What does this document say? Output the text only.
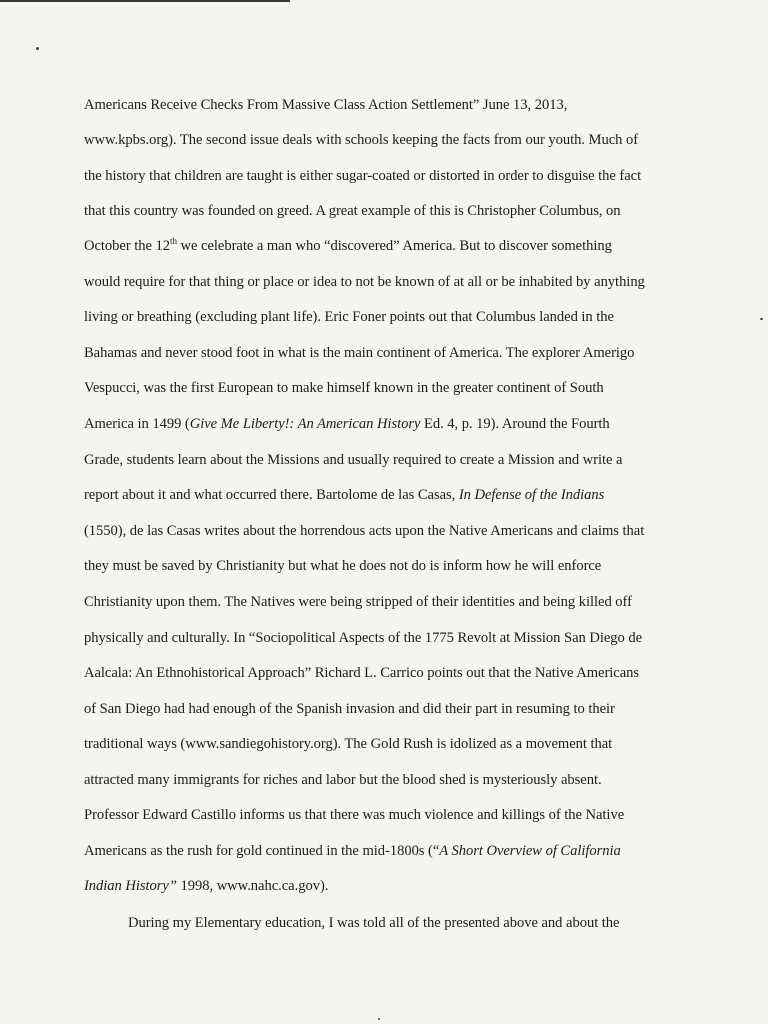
Americans Receive Checks From Massive Class Action Settlement” June 13, 2013,
www.kpbs.org). The second issue deals with schools keeping the facts from our youth. Much of
the history that children are taught is either sugar-coated or distorted in order to disguise the fact
that this country was founded on greed. A great example of this is Christopher Columbus, on
October the 12th we celebrate a man who “discovered” America. But to discover something
would require for that thing or place or idea to not be known of at all or be inhabited by anything
living or breathing (excluding plant life). Eric Foner points out that Columbus landed in the
Bahamas and never stood foot in what is the main continent of America. The explorer Amerigo
Vespucci, was the first European to make himself known in the greater continent of South
America in 1499 (Give Me Liberty!: An American History Ed. 4, p. 19). Around the Fourth
Grade, students learn about the Missions and usually required to create a Mission and write a
report about it and what occurred there. Bartolome de las Casas, In Defense of the Indians
(1550), de las Casas writes about the horrendous acts upon the Native Americans and claims that
they must be saved by Christianity but what he does not do is inform how he will enforce
Christianity upon them. The Natives were being stripped of their identities and being killed off
physically and culturally. In “Sociopolitical Aspects of the 1775 Revolt at Mission San Diego de
Aalcala: An Ethnohistorical Approach” Richard L. Carrico points out that the Native Americans
of San Diego had had enough of the Spanish invasion and did their part in resuming to their
traditional ways (www.sandiegohistory.org). The Gold Rush is idolized as a movement that
attracted many immigrants for riches and labor but the blood shed is mysteriously absent.
Professor Edward Castillo informs us that there was much violence and killings of the Native
Americans as the rush for gold continued in the mid-1800s (“A Short Overview of California
Indian History” 1998, www.nahc.ca.gov).
During my Elementary education, I was told all of the presented above and about the
